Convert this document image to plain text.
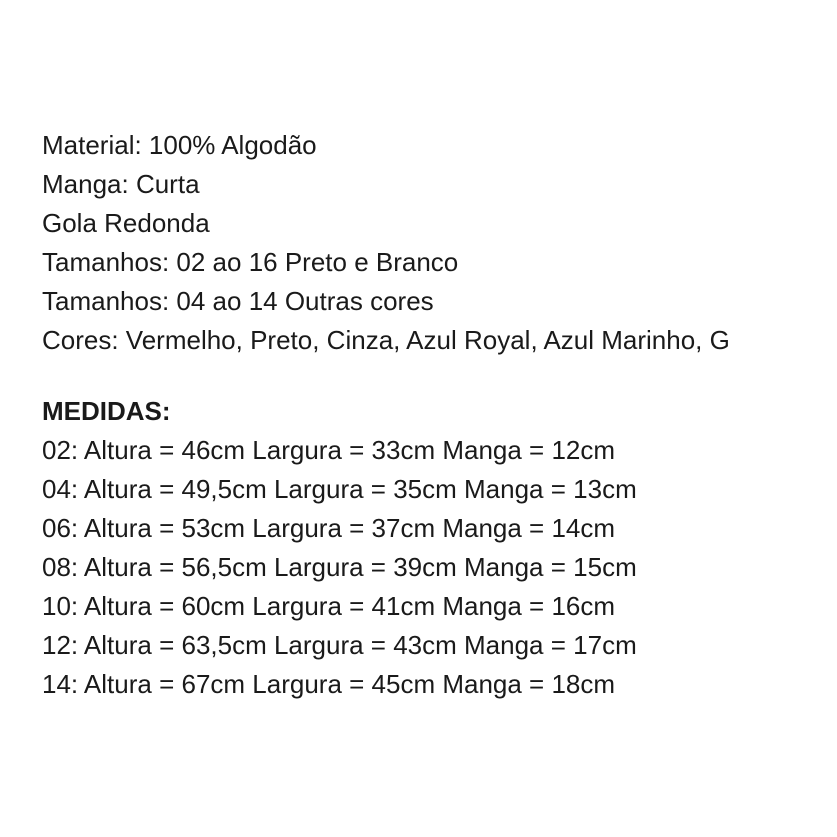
Material: 100% Algodão
Manga: Curta
Gola Redonda
Tamanhos: 02 ao 16 Preto e Branco
Tamanhos: 04 ao 14 Outras cores
Cores: Vermelho, Preto, Cinza, Azul Royal, Azul Marinho, G
MEDIDAS:
02: Altura = 46cm Largura = 33cm Manga = 12cm
04: Altura = 49,5cm Largura = 35cm Manga = 13cm
06: Altura = 53cm Largura = 37cm Manga = 14cm
08: Altura = 56,5cm Largura = 39cm Manga = 15cm
10: Altura = 60cm Largura = 41cm Manga = 16cm
12: Altura = 63,5cm Largura = 43cm Manga = 17cm
14: Altura = 67cm Largura = 45cm Manga = 18cm
